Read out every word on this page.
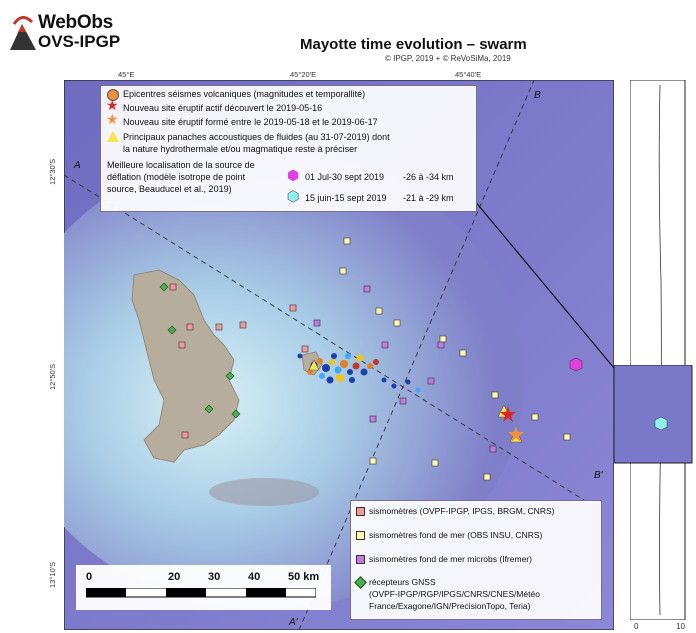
WebObs
OVS-IPGP	Mayotte time evolution – swarm
© IPGP, 2019 + © ReVoSiMa, 2019
45°E	45°20'E	45°40'E
12°30'S
12°50'S
13°10'S
A
B
B'
A'
Epicentres séismes volcaniques (magnitudes et temporallité)
★ Nouveau site éruptif actif découvert le 2019-05-16
★ Nouveau site éruptif formé entre le 2019-05-18 et le 2019-06-17
Principaux panaches accoustiques de fluides (au 31-07-2019) dont
la nature hydrothermale et/ou magmatique reste à préciser
Meilleure localisation de la source de
déflation (modèle isotrope de point
source, Beauducel et al., 2019)
⬢ 01 Jul-30 sept 2019 -26 à -34 km
⬢ 15 juin-15 sept 2019 -21 à -29 km
sismomètres (OVPF-IPGP, IPGS, BRGM, CNRS)
sismomètres fond de mer (OBS INSU, CNRS)
sismomètres fond de mer microbs (Ifremer)
récepteurs GNSS
(OVPF-IPGP/RGP/IPGS/CNRS/CNES/Météo
France/Exagone/IGN/PrecisionTopo, Teria)
0	20	30	40	50 km
0	10
